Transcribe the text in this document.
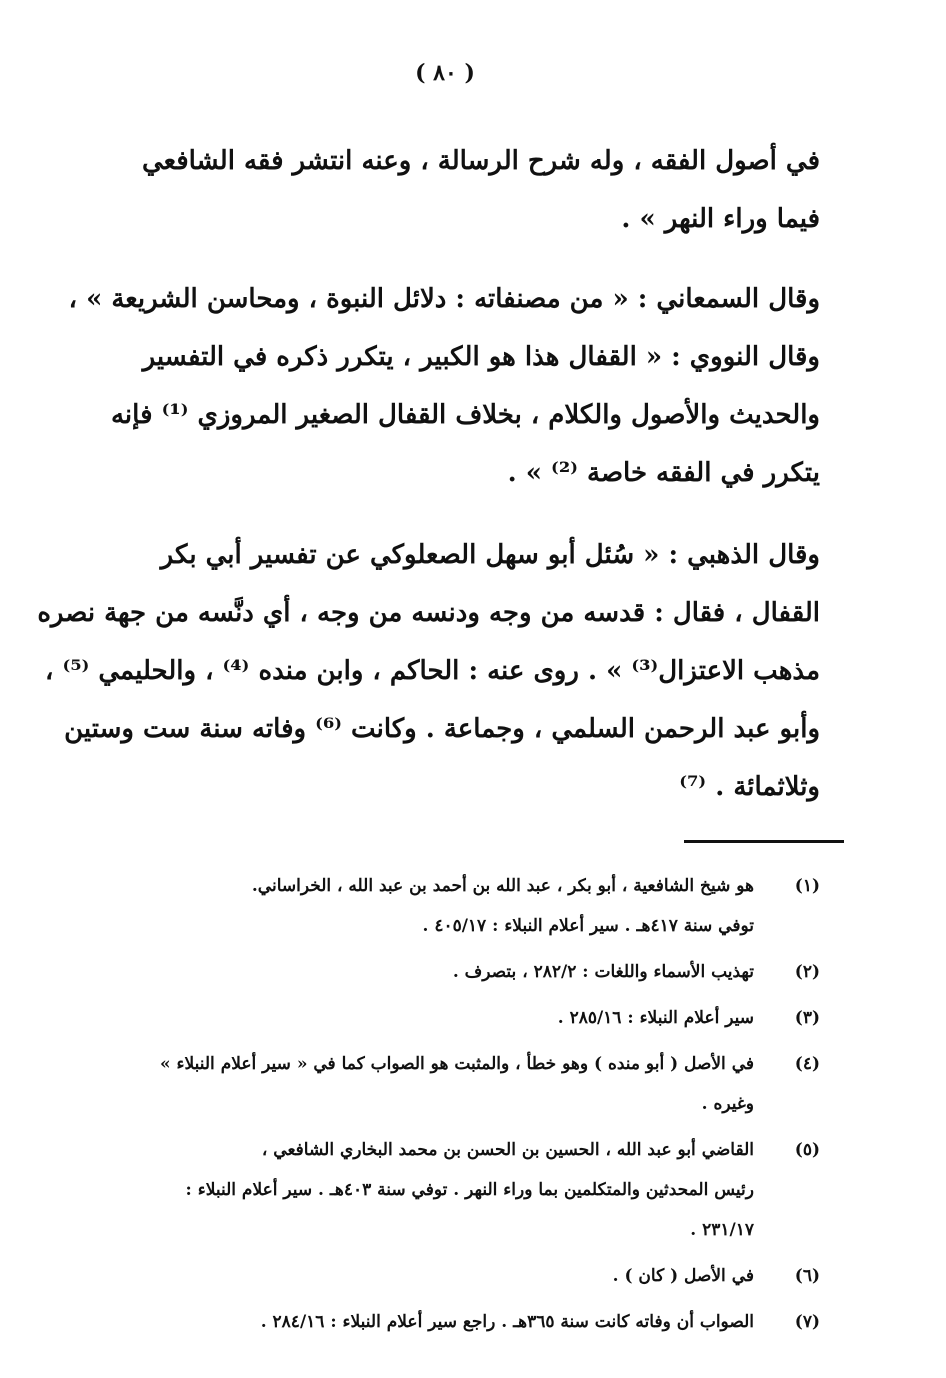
( ٨٠ )
في أصول الفقه ، وله شرح الرسالة ، وعنه انتشر فقه الشافعي
فيما وراء النهر » .
وقال السمعاني : « من مصنفاته : دلائل النبوة ، ومحاسن الشريعة » ،
وقال النووي : « القفال هذا هو الكبير ، يتكرر ذكره في التفسير
والحديث والأصول والكلام ، بخلاف القفال الصغير المروزي ⁽¹⁾ فإنه
يتكرر في الفقه خاصة ⁽²⁾ » .
وقال الذهبي : « سُئل أبو سهل الصعلوكي عن تفسير أبي بكر
القفال ، فقال : قدسه من وجه ودنسه من وجه ، أي دنَّسه من جهة نصره
مذهب الاعتزال⁽³⁾ » . روى عنه : الحاكم ، وابن منده ⁽⁴⁾ ، والحليمي ⁽⁵⁾ ،
وأبو عبد الرحمن السلمي ، وجماعة . وكانت ⁽⁶⁾ وفاته سنة ست وستين
وثلاثمائة . ⁽⁷⁾
(١)
هو شيخ الشافعية ، أبو بكر ، عبد الله بن أحمد بن عبد الله ، الخراساني.
توفي سنة ٤١٧هـ . سير أعلام النبلاء : ٤٠٥/١٧ .
(٢)
تهذيب الأسماء واللغات : ٢٨٢/٢ ، بتصرف .
(٣)
سير أعلام النبلاء : ٢٨٥/١٦ .
(٤)
في الأصل ( أبو منده ) وهو خطأ ، والمثبت هو الصواب كما في « سير أعلام النبلاء »
وغيره .
(٥)
القاضي أبو عبد الله ، الحسين بن الحسن بن محمد البخاري الشافعي ،
رئيس المحدثين والمتكلمين بما وراء النهر . توفي سنة ٤٠٣هـ . سير أعلام النبلاء :
٢٣١/١٧ .
(٦)
في الأصل ( كان ) .
(٧)
الصواب أن وفاته كانت سنة ٣٦٥هـ . راجع سير أعلام النبلاء : ٢٨٤/١٦ .
